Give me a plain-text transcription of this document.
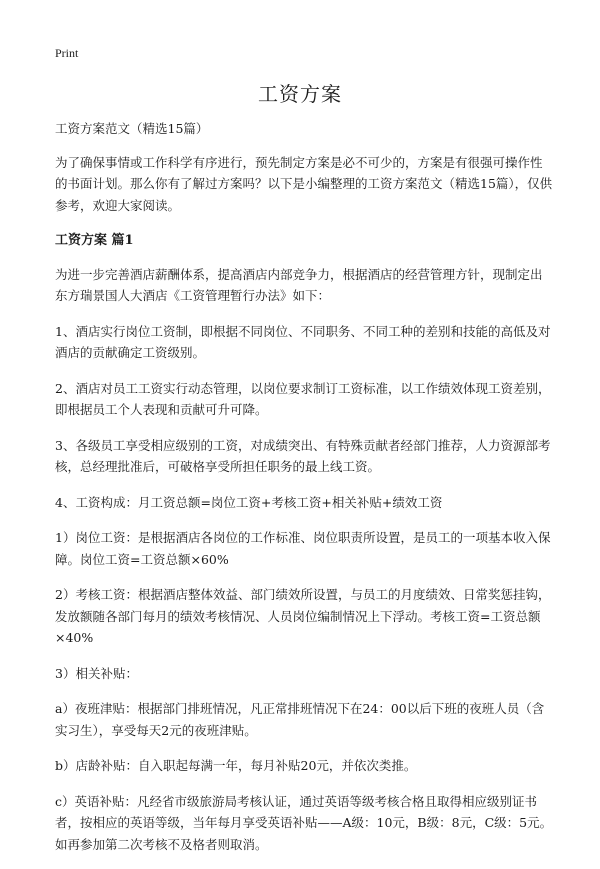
Print
工资方案

工资方案范文（精选15篇）

为了确保事情或工作科学有序进行，预先制定方案是必不可少的，方案是有很强可操作性的书面计划。那么你有了解过方案吗？以下是小编整理的工资方案范文（精选15篇），仅供参考，欢迎大家阅读。

工资方案 篇1

为进一步完善酒店薪酬体系，提高酒店内部竞争力，根据酒店的经营管理方针，现制定出东方瑞景国人大酒店《工资管理暂行办法》如下：

1、酒店实行岗位工资制，即根据不同岗位、不同职务、不同工种的差别和技能的高低及对酒店的贡献确定工资级别。

2、酒店对员工工资实行动态管理，以岗位要求制订工资标准，以工作绩效体现工资差别，即根据员工个人表现和贡献可升可降。

3、各级员工享受相应级别的工资，对成绩突出、有特殊贡献者经部门推荐，人力资源部考核，总经理批准后，可破格享受所担任职务的最上线工资。

4、工资构成：月工资总额=岗位工资+考核工资+相关补贴+绩效工资

1）岗位工资：是根据酒店各岗位的工作标准、岗位职责所设置，是员工的一项基本收入保障。岗位工资=工资总额×60%

2）考核工资：根据酒店整体效益、部门绩效所设置，与员工的月度绩效、日常奖惩挂钩，发放额随各部门每月的绩效考核情况、人员岗位编制情况上下浮动。考核工资=工资总额×40%

3）相关补贴：

a）夜班津贴：根据部门排班情况，凡正常排班情况下在24：00以后下班的夜班人员（含实习生），享受每天2元的夜班津贴。

b）店龄补贴：自入职起每满一年，每月补贴20元，并依次类推。

c）英语补贴：凡经省市级旅游局考核认证，通过英语等级考核合格且取得相应级别证书者，按相应的英语等级，当年每月享受英语补贴——A级：10元，B级：8元，C级：5元。如再参加第二次考核不及格者则取消。
